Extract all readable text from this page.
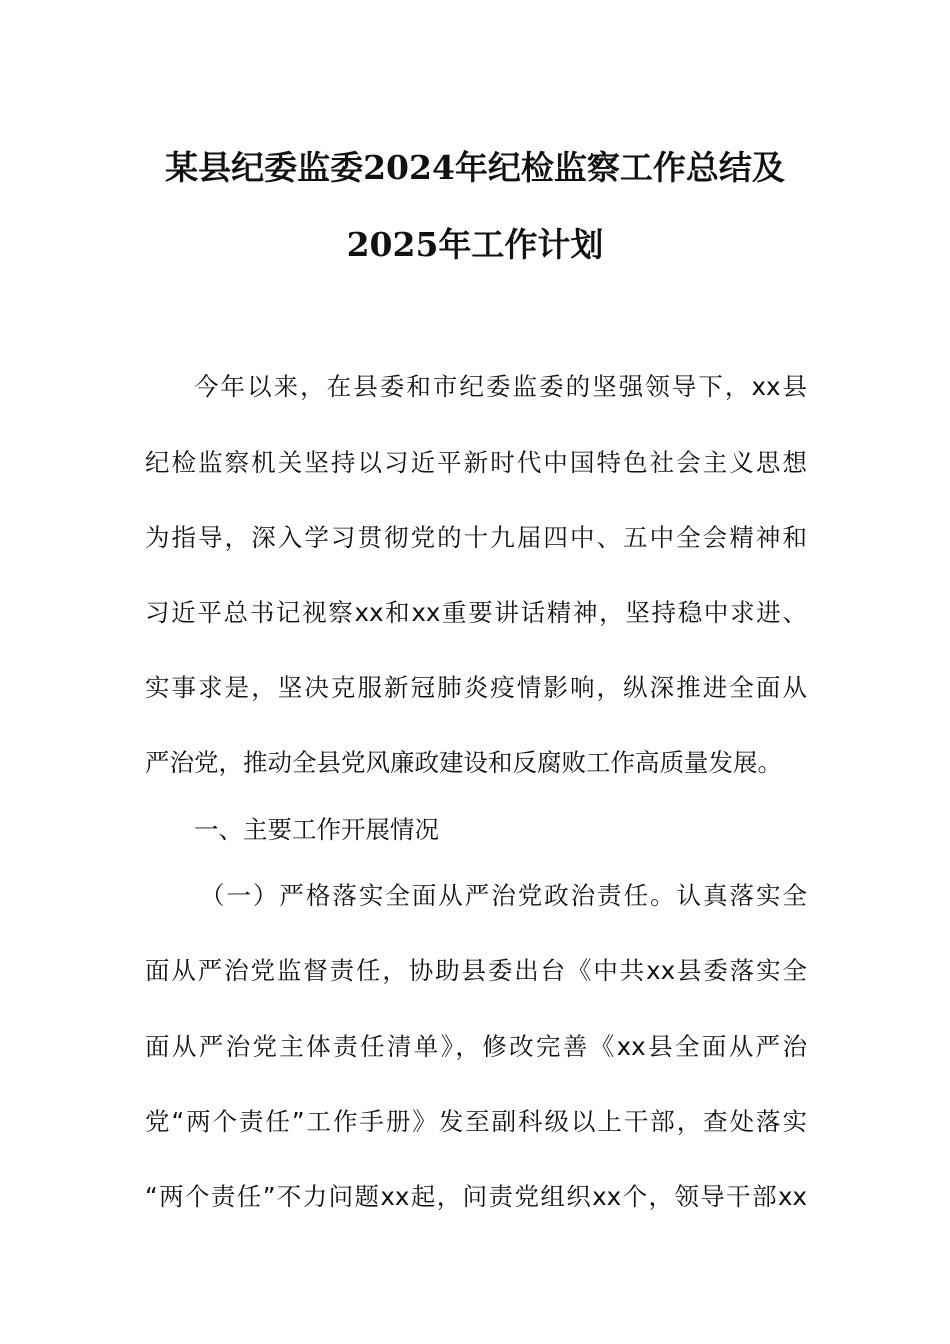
某县纪委监委2024年纪检监察工作总结及
2025年工作计划
今年以来，在县委和市纪委监委的坚强领导下，xx县
纪检监察机关坚持以习近平新时代中国特色社会主义思想
为指导，深入学习贯彻党的十九届四中、五中全会精神和
习近平总书记视察xx和xx重要讲话精神，坚持稳中求进、
实事求是，坚决克服新冠肺炎疫情影响，纵深推进全面从
严治党，推动全县党风廉政建设和反腐败工作高质量发展。
一、主要工作开展情况
（一）严格落实全面从严治党政治责任。认真落实全
面从严治党监督责任，协助县委出台《中共xx县委落实全
面从严治党主体责任清单》，修改完善《xx县全面从严治
党“两个责任”工作手册》发至副科级以上干部，查处落实
“两个责任”不力问题xx起，问责党组织xx个，领导干部xx
